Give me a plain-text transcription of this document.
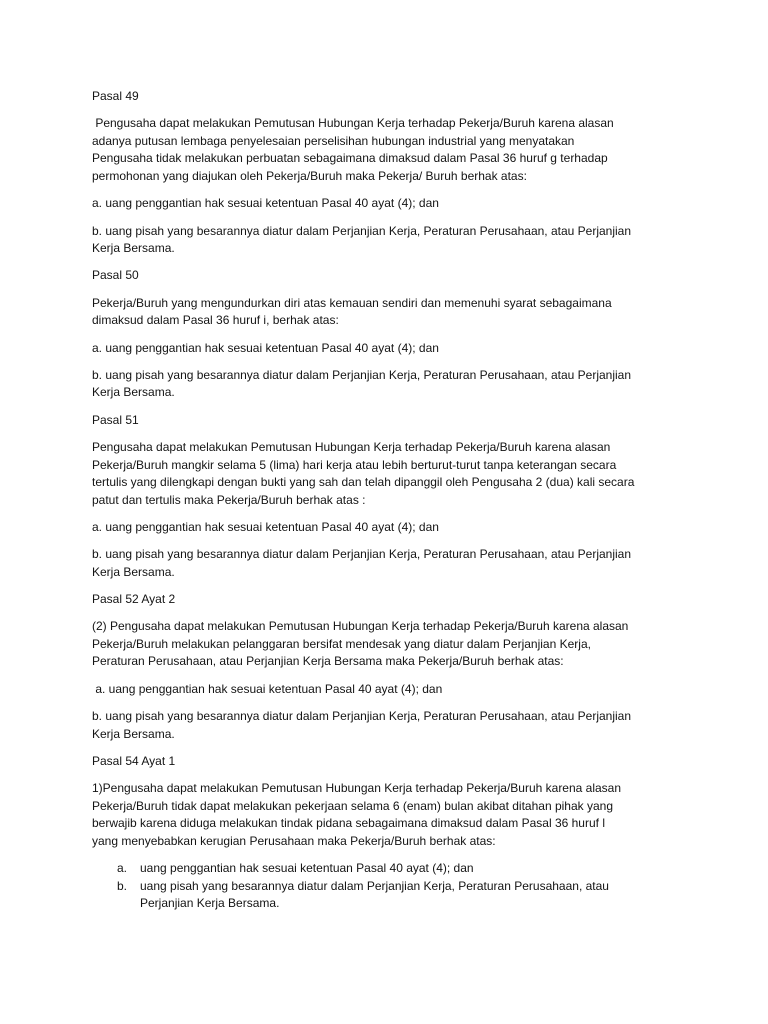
Pasal 49
Pengusaha dapat melakukan Pemutusan Hubungan Kerja terhadap Pekerja/Buruh karena alasan
adanya putusan lembaga penyelesaian perselisihan hubungan industrial yang menyatakan
Pengusaha tidak melakukan perbuatan sebagaimana dimaksud dalam Pasal 36 huruf g terhadap
permohonan yang diajukan oleh Pekerja/Buruh maka Pekerja/ Buruh berhak atas:
a. uang penggantian hak sesuai ketentuan Pasal 40 ayat (4); dan
b. uang pisah yang besarannya diatur dalam Perjanjian Kerja, Peraturan Perusahaan, atau Perjanjian
Kerja Bersama.
Pasal 50
Pekerja/Buruh yang mengundurkan diri atas kemauan sendiri dan memenuhi syarat sebagaimana
dimaksud dalam Pasal 36 huruf i, berhak atas:
a. uang penggantian hak sesuai ketentuan Pasal 40 ayat (4); dan
b. uang pisah yang besarannya diatur dalam Perjanjian Kerja, Peraturan Perusahaan, atau Perjanjian
Kerja Bersama.
Pasal 51
Pengusaha dapat melakukan Pemutusan Hubungan Kerja terhadap Pekerja/Buruh karena alasan
Pekerja/Buruh mangkir selama 5 (lima) hari kerja atau lebih berturut-turut tanpa keterangan secara
tertulis yang dilengkapi dengan bukti yang sah dan telah dipanggil oleh Pengusaha 2 (dua) kali secara
patut dan tertulis maka Pekerja/Buruh berhak atas :
a. uang penggantian hak sesuai ketentuan Pasal 40 ayat (4); dan
b. uang pisah yang besarannya diatur dalam Perjanjian Kerja, Peraturan Perusahaan, atau Perjanjian
Kerja Bersama.
Pasal 52 Ayat 2
(2) Pengusaha dapat melakukan Pemutusan Hubungan Kerja terhadap Pekerja/Buruh karena alasan
Pekerja/Buruh melakukan pelanggaran bersifat mendesak yang diatur dalam Perjanjian Kerja,
Peraturan Perusahaan, atau Perjanjian Kerja Bersama maka Pekerja/Buruh berhak atas:
a. uang penggantian hak sesuai ketentuan Pasal 40 ayat (4); dan
b. uang pisah yang besarannya diatur dalam Perjanjian Kerja, Peraturan Perusahaan, atau Perjanjian
Kerja Bersama.
Pasal 54 Ayat 1
1)Pengusaha dapat melakukan Pemutusan Hubungan Kerja terhadap Pekerja/Buruh karena alasan
Pekerja/Buruh tidak dapat melakukan pekerjaan selama 6 (enam) bulan akibat ditahan pihak yang
berwajib karena diduga melakukan tindak pidana sebagaimana dimaksud dalam Pasal 36 huruf l
yang menyebabkan kerugian Perusahaan maka Pekerja/Buruh berhak atas:
a.	uang penggantian hak sesuai ketentuan Pasal 40 ayat (4); dan
b.	uang pisah yang besarannya diatur dalam Perjanjian Kerja, Peraturan Perusahaan, atau
Perjanjian Kerja Bersama.
